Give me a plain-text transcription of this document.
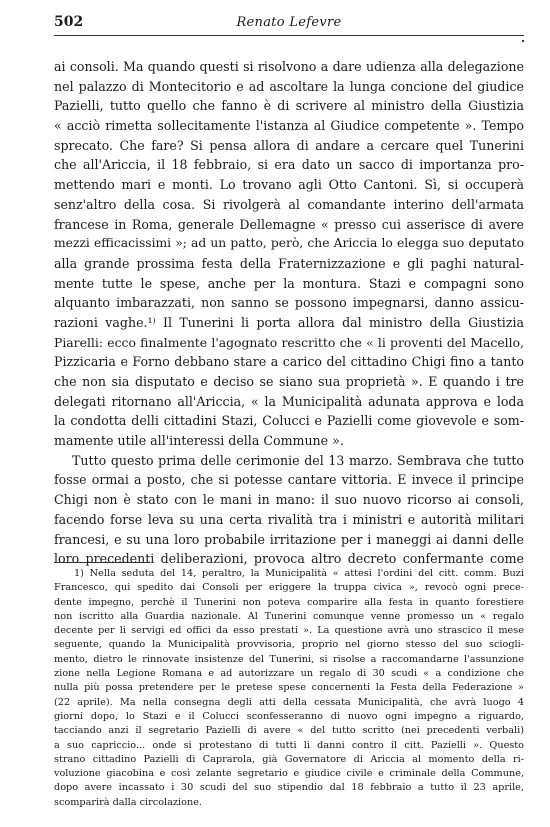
502	Renato Lefevre
ai consoli. Ma quando questi si risolvono a dare udienza alla delegazione
nel palazzo di Montecitorio e ad ascoltare la lunga concione del giudice
Pazielli, tutto quello che fanno è di scrivere al ministro della Giustizia
« acciò rimetta sollecitamente l'istanza al Giudice competente ». Tempo
sprecato. Che fare? Si pensa allora di andare a cercare quel Tunerini
che all'Ariccia, il 18 febbraio, si era dato un sacco di importanza pro-
mettendo mari e monti. Lo trovano agli Otto Cantoni. Sì, si occuperà
senz'altro della cosa. Si rivolgerà al comandante interino dell'armata
francese in Roma, generale Dellemagne « presso cui asserisce di avere
mezzi efficacissimi »; ad un patto, però, che Ariccia lo elegga suo deputato
alla grande prossima festa della Fraternizzazione e gli paghi natural-
mente tutte le spese, anche per la montura. Stazi e compagni sono
alquanto imbarazzati, non sanno se possono impegnarsi, danno assicu-
razioni vaghe.¹⁾ Il Tunerini li porta allora dal ministro della Giustizia
Piarelli: ecco finalmente l'agognato rescritto che « li proventi del Macello,
Pizzicaria e Forno debbano stare a carico del cittadino Chigi fino a tanto
che non sia disputato e deciso se siano sua proprietà ». E quando i tre
delegati ritornano all'Ariccia, « la Municipalità adunata approva e loda
la condotta delli cittadini Stazi, Colucci e Pazielli come giovevole e som-
mamente utile all'interessi della Commune ».
Tutto questo prima delle cerimonie del 13 marzo. Sembrava che tutto
fosse ormai a posto, che si potesse cantare vittoria. E invece il principe
Chigi non è stato con le mani in mano: il suo nuovo ricorso ai consoli,
facendo forse leva su una certa rivalità tra i ministri e autorità militari
francesi, e su una loro probabile irritazione per i maneggi ai danni delle
loro precedenti deliberazioni, provoca altro decreto confermante come
1) Nella seduta del 14, peraltro, la Municipalità « attesi l'ordini del citt. comm. Buzi
Francesco, qui spedito dai Consoli per eriggere la truppa civica », revocò ogni prece-
dente impegno, perchè il Tunerini non poteva comparire alla festa in quanto forestiere
non iscritto alla Guardia nazionale. Al Tunerini comunque venne promesso un « regalo
decente per li servigi ed offici da esso prestati ». La questione avrà uno strascico il mese
seguente, quando la Municipalità provvisoria, proprio nel giorno stesso del suo sciogli-
mento, dietro le rinnovate insistenze del Tunerini, si risolse a raccomandarne l'assunzione
zione nella Legione Romana e ad autorizzare un regalo di 30 scudi « a condizione che
nulla più possa pretendere per le pretese spese concernenti la Festa della Federazione »
(22 aprile). Ma nella consegna degli atti della cessata Municipalità, che avrà luogo 4
giorni dopo, lo Stazi e il Colucci sconfesseranno di nuovo ogni impegno a riguardo,
tacciando anzi il segretario Pazielli di avere « del tutto scritto (nei precedenti verbali)
a suo capriccio... onde si protestano di tutti li danni contro il citt. Pazielli ». Questo
strano cittadino Pazielli di Caprarola, già Governatore di Ariccia al momento della ri-
voluzione giacobina e così zelante segretario e giudice civile e criminale della Commune,
dopo avere incassato i 30 scudi del suo stipendio dal 18 febbraio a tutto il 23 aprile,
scomparirà dalla circolazione.
